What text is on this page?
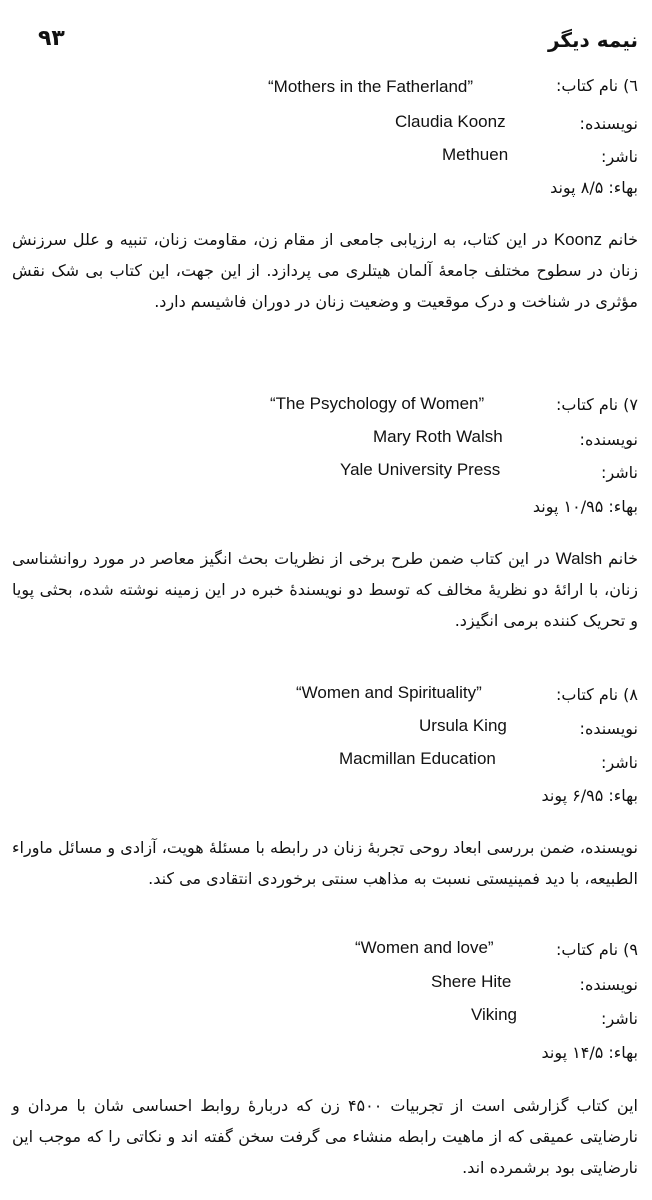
نیمه دیگر
۹۳
٦) نام کتاب:
“Mothers in the Fatherland”
نویسنده:
Claudia Koonz
ناشر:
Methuen
بهاء: ۸/۵ پوند
خانم Koonz در این کتاب، به ارزیابی جامعی از مقام زن، مقاومت زنان، تنبیه و علل سرزنش زنان در سطوح مختلف جامعهٔ آلمان هیتلری می پردازد. از این جهت، این کتاب بی شک نقش مؤثری در شناخت و درک موقعیت و وضعیت زنان در دوران فاشیسم دارد.
۷) نام کتاب:
“The Psychology of Women”
نویسنده:
Mary Roth Walsh
ناشر:
Yale University Press
بهاء: ۱۰/۹۵ پوند
خانم Walsh در این کتاب ضمن طرح برخی از نظریات بحث انگیز معاصر در مورد روانشناسی زنان، با ارائهٔ دو نظریهٔ مخالف که توسط دو نویسندهٔ خبره در این زمینه نوشته شده، بحثی پویا و تحریک کننده برمی انگیزد.
۸) نام کتاب:
“Women and Spirituality”
نویسنده:
Ursula King
ناشر:
Macmillan Education
بهاء: ۶/۹۵ پوند
نویسنده، ضمن بررسی ابعاد روحی تجربهٔ زنان در رابطه با مسئلهٔ هویت، آزادی و مسائل ماوراء الطبیعه، با دید فمینیستی نسبت به مذاهب سنتی برخوردی انتقادی می کند.
۹) نام کتاب:
“Women and love”
نویسنده:
Shere Hite
ناشر:
Viking
بهاء: ۱۴/۵ پوند
این کتاب گزارشی است از تجربیات ۴۵۰۰ زن که دربارهٔ روابط احساسی شان با مردان و نارضایتی عمیقی که از ماهیت رابطه منشاء می گرفت سخن گفته اند و نکاتی را که موجب این نارضایتی بود برشمرده اند.
